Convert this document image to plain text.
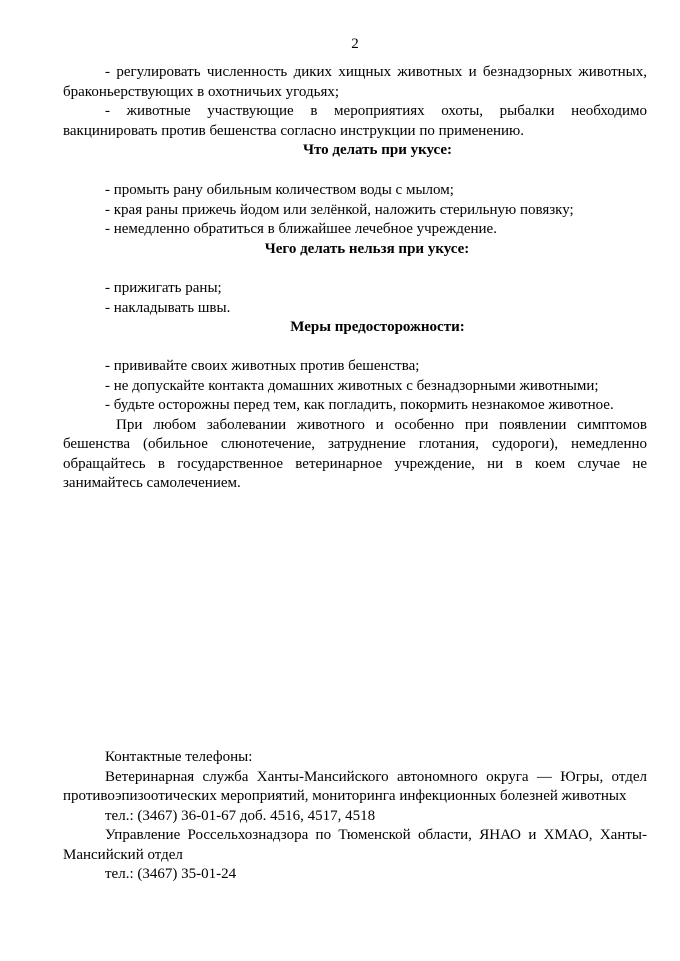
2

- регулировать численность диких хищных животных и безнадзорных животных, браконьерствующих в охотничьих угодьях;

- животные участвующие в мероприятиях охоты, рыбалки необходимо вакцинировать против бешенства согласно инструкции по применению.

Что делать при укусе:

- промыть рану обильным количеством воды с мылом;

- края раны прижечь йодом или зелёнкой, наложить стерильную повязку;

- немедленно обратиться в ближайшее лечебное учреждение.

Чего делать нельзя при укусе:

- прижигать раны;

- накладывать швы.

Меры предосторожности:

- прививайте своих животных против бешенства;

- не допускайте контакта домашних животных с безнадзорными животными;

- будьте осторожны перед тем, как погладить, покормить незнакомое животное.

При любом заболевании животного и особенно при появлении симптомов бешенства (обильное слюнотечение, затруднение глотания, судороги), немедленно обращайтесь в государственное ветеринарное учреждение, ни в коем случае не занимайтесь самолечением.

Контактные телефоны:

Ветеринарная служба Ханты-Мансийского автономного округа — Югры, отдел противоэпизоотических мероприятий, мониторинга инфекционных болезней животных

тел.: (3467) 36-01-67 доб. 4516, 4517, 4518

Управление Россельхознадзора по Тюменской области, ЯНАО и ХМАО, Ханты-Мансийский отдел

тел.: (3467) 35-01-24
